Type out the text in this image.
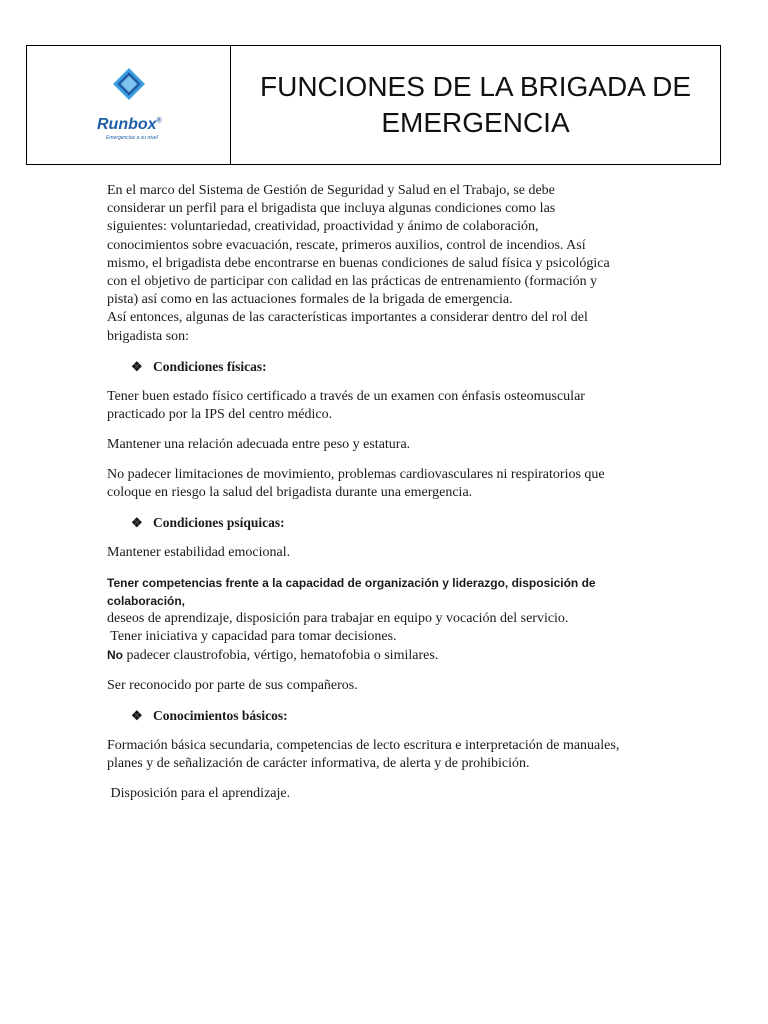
Runbox®
Emergencias a su nivel
FUNCIONES DE LA BRIGADA DE EMERGENCIA

En el marco del Sistema de Gestión de Seguridad y Salud en el Trabajo, se debe

considerar un perfil para el brigadista que incluya algunas condiciones como las

siguientes: voluntariedad, creatividad, proactividad y ánimo de colaboración,

conocimientos sobre evacuación, rescate, primeros auxilios, control de incendios. Así

mismo, el brigadista debe encontrarse en buenas condiciones de salud física y psicológica

con el objetivo de participar con calidad en las prácticas de entrenamiento (formación y

pista) así como en las actuaciones formales de la brigada de emergencia.

Así entonces, algunas de las características importantes a considerar dentro del rol del

brigadista son:

❖ Condiciones físicas:

Tener buen estado físico certificado a través de un examen con énfasis osteomuscular

practicado por la IPS del centro médico.

Mantener una relación adecuada entre peso y estatura.

No padecer limitaciones de movimiento, problemas cardiovasculares ni respiratorios que

coloque en riesgo la salud del brigadista durante una emergencia.

❖ Condiciones psíquicas:

Mantener estabilidad emocional.

Tener competencias frente a la capacidad de organización y liderazgo, disposición de colaboración,

deseos de aprendizaje, disposición para trabajar en equipo y vocación del servicio.

Tener iniciativa y capacidad para tomar decisiones.

No padecer claustrofobia, vértigo, hematofobia o similares.

Ser reconocido por parte de sus compañeros.

❖ Conocimientos básicos:

Formación básica secundaria, competencias de lecto escritura e interpretación de manuales,

planes y de señalización de carácter informativa, de alerta y de prohibición.

Disposición para el aprendizaje.
